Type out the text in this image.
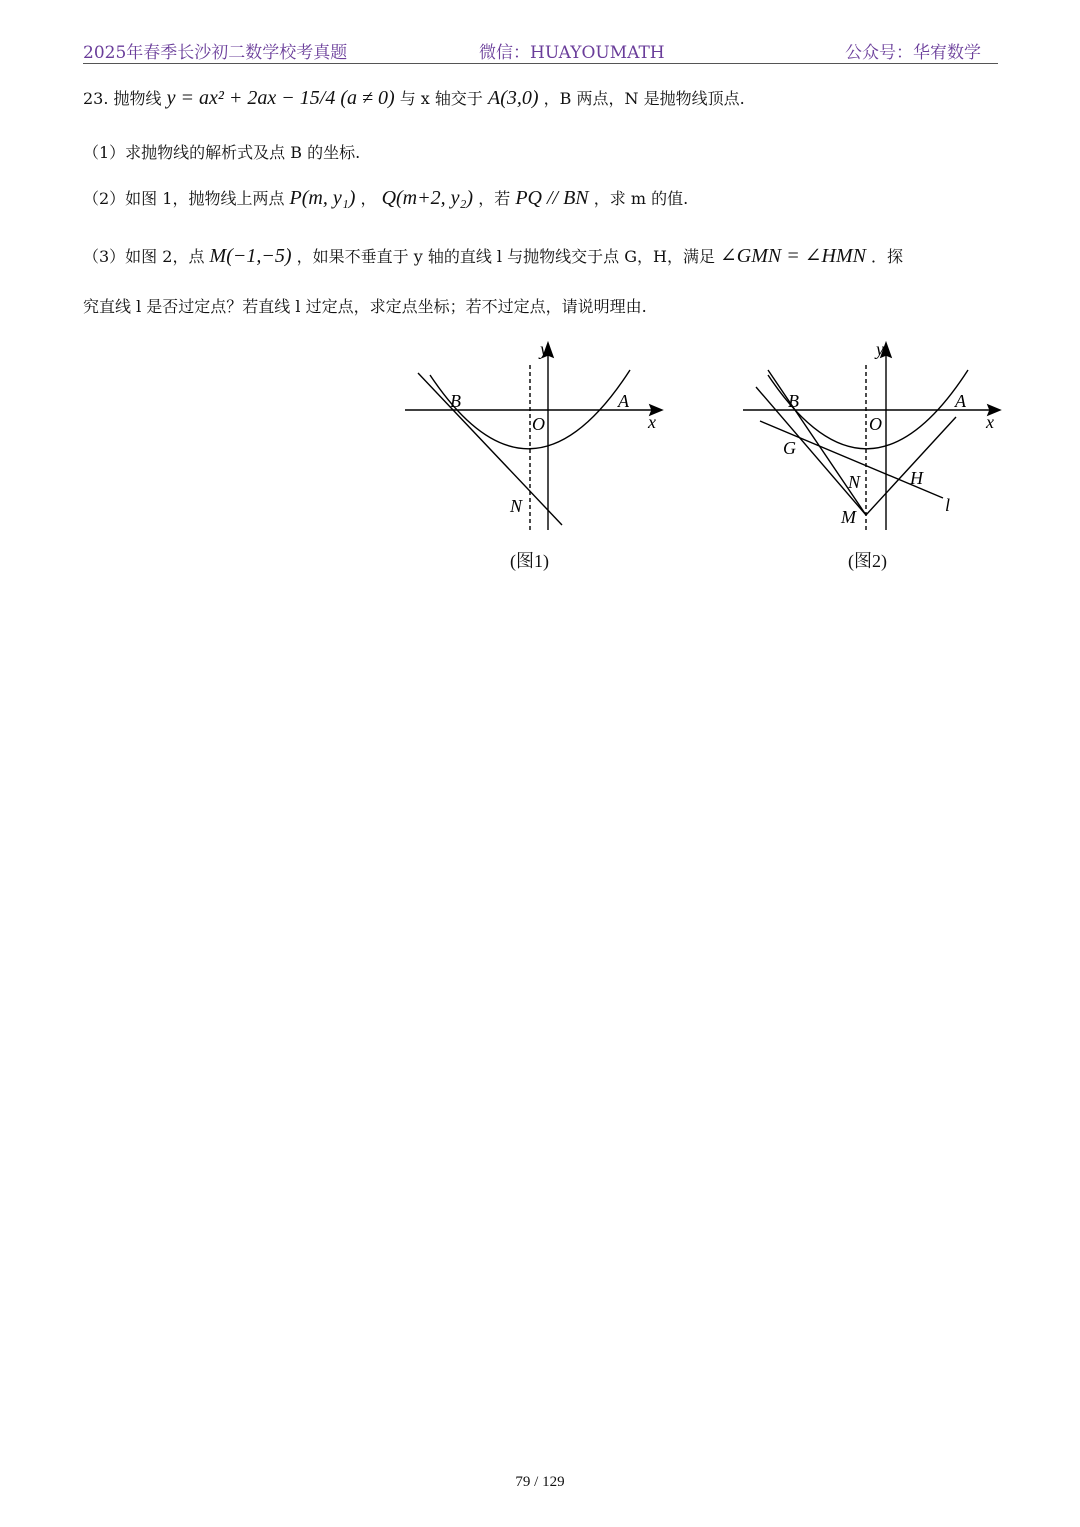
2025年春季长沙初二数学校考真题	微信：HUAYOUMATH	公众号：华宥数学
23. 抛物线 y = ax² + 2ax − 15/4 (a ≠ 0) 与 x 轴交于 A(3,0) ，B 两点，N 是抛物线顶点.
（1）求抛物线的解析式及点 B 的坐标.
（2）如图 1，抛物线上两点 P(m, y₁) ， Q(m+2, y₂) ，若 PQ // BN ，求 m 的值.
（3）如图 2，点 M(−1,−5) ，如果不垂直于 y 轴的直线 l 与抛物线交于点 G，H，满足 ∠GMN = ∠HMN ．探
究直线 l 是否过定点？若直线 l 过定点，求定点坐标；若不过定点，请说明理由.
y
x
B
O
A
N
(图1)
y
x
B
O
A
G
N	H
M
l
(图2)
79 / 129
